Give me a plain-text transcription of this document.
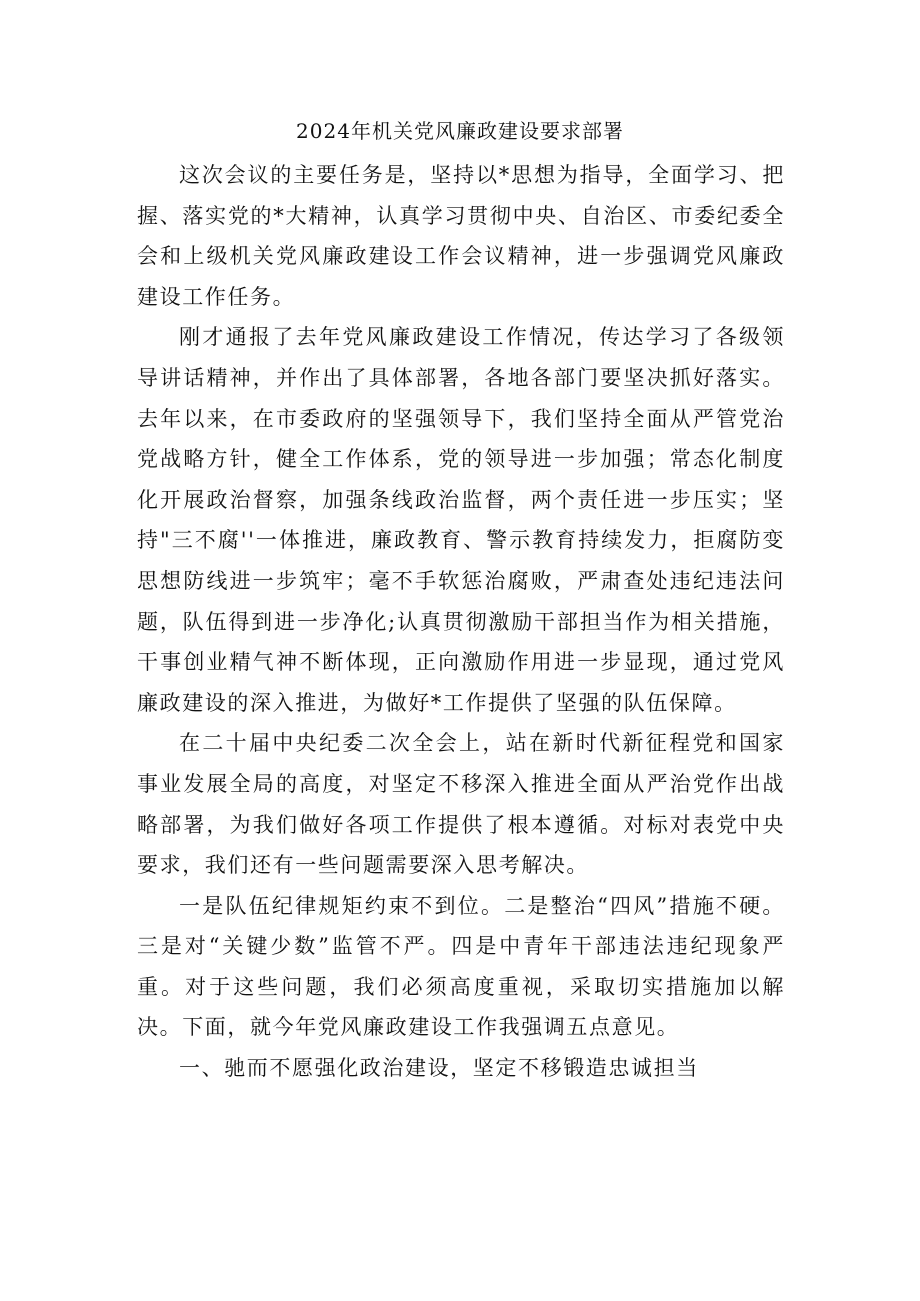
2024年机关党风廉政建设要求部署

这次会议的主要任务是，坚持以*思想为指导，全面学习、把握、落实党的*大精神，认真学习贯彻中央、自治区、市委纪委全会和上级机关党风廉政建设工作会议精神，进一步强调党风廉政建设工作任务。

刚才通报了去年党风廉政建设工作情况，传达学习了各级领导讲话精神，并作出了具体部署，各地各部门要坚决抓好落实。去年以来，在市委政府的坚强领导下，我们坚持全面从严管党治党战略方针，健全工作体系，党的领导进一步加强；常态化制度化开展政治督察，加强条线政治监督，两个责任进一步压实；坚持"三不腐''一体推进，廉政教育、警示教育持续发力，拒腐防变思想防线进一步筑牢；毫不手软惩治腐败，严肃查处违纪违法问题，队伍得到进一步净化;认真贯彻激励干部担当作为相关措施，干事创业精气神不断体现，正向激励作用进一步显现，通过党风廉政建设的深入推进，为做好*工作提供了坚强的队伍保障。

在二十届中央纪委二次全会上，站在新时代新征程党和国家事业发展全局的高度，对坚定不移深入推进全面从严治党作出战略部署，为我们做好各项工作提供了根本遵循。对标对表党中央要求，我们还有一些问题需要深入思考解决。

一是队伍纪律规矩约束不到位。二是整治“四风”措施不硬。三是对“关键少数”监管不严。四是中青年干部违法违纪现象严重。对于这些问题，我们必须高度重视，采取切实措施加以解决。下面，就今年党风廉政建设工作我强调五点意见。

一、驰而不愿强化政治建设，坚定不移锻造忠诚担当
